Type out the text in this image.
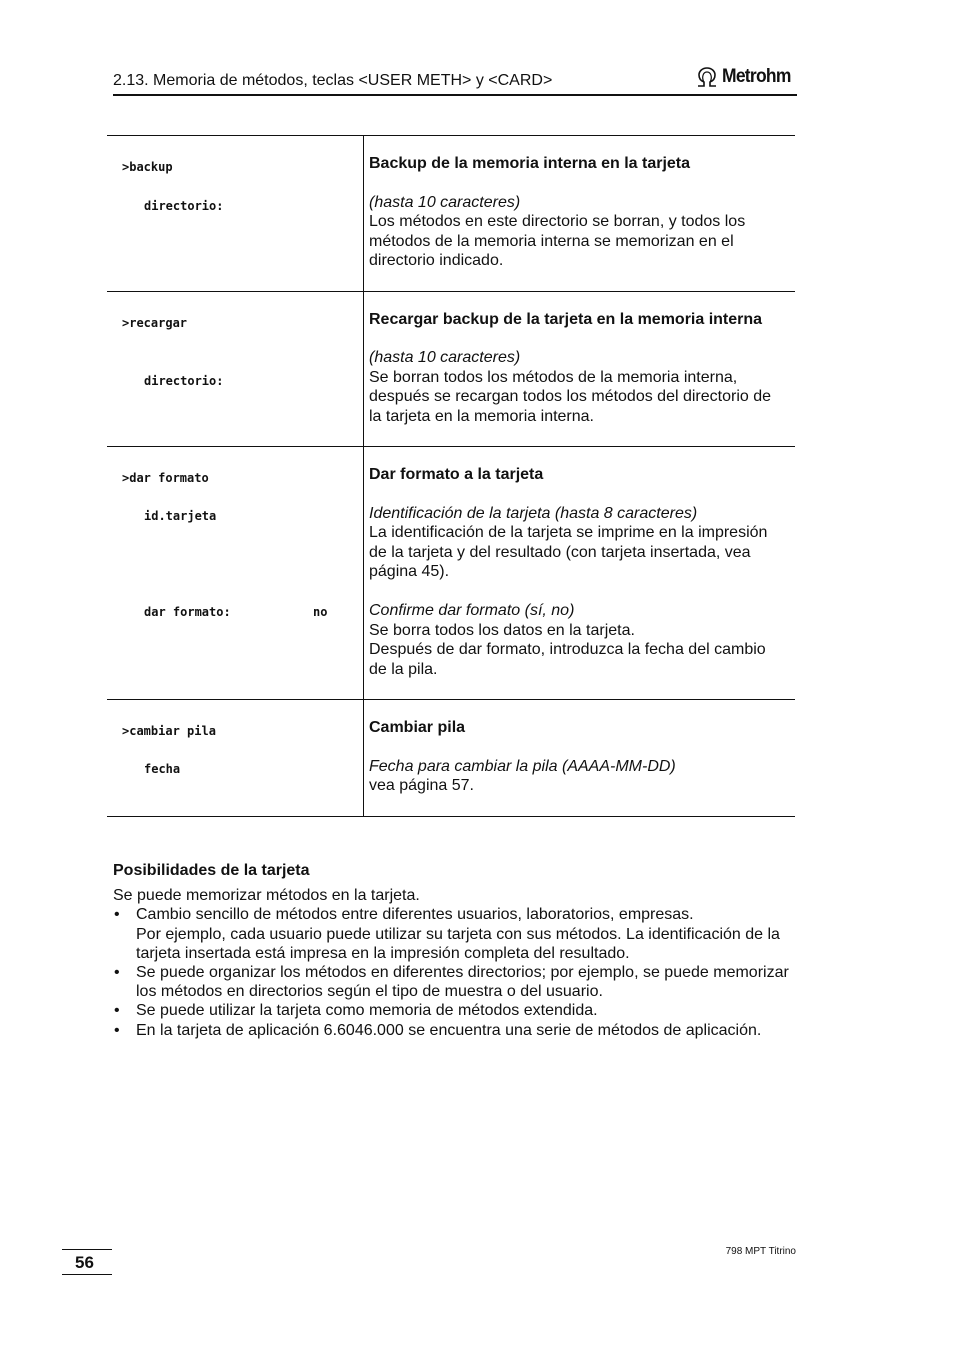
2.13. Memoria de métodos, teclas <USER METH> y <CARD>	Metrohm
>backup
directorio:
Backup de la memoria interna en la tarjeta
(hasta 10 caracteres)
Los métodos en este directorio se borran, y todos los métodos de la memoria interna se memorizan en el directorio indicado.
>recargar
directorio:
Recargar backup de la tarjeta en la memoria interna
(hasta 10 caracteres)
Se borran todos los métodos de la memoria interna, después se recargan todos los métodos del directorio de la tarjeta en la memoria interna.
>dar formato
id.tarjeta
dar formato:	no
Dar formato a la tarjeta
Identificación de la tarjeta (hasta 8 caracteres)
La identificación de la tarjeta se imprime en la impresión de la tarjeta y del resultado (con tarjeta insertada, vea página 45).
Confirme dar formato (sí, no)
Se borra todos los datos en la tarjeta.
Después de dar formato, introduzca la fecha del cambio de la pila.
>cambiar pila
fecha
Cambiar pila
Fecha para cambiar la pila (AAAA-MM-DD)
vea página 57.
Posibilidades de la tarjeta
Se puede memorizar métodos en la tarjeta.
• Cambio sencillo de métodos entre diferentes usuarios, laboratorios, empresas.
Por ejemplo, cada usuario puede utilizar su tarjeta con sus métodos. La identificación de la tarjeta insertada está impresa en la impresión completa del resultado.
• Se puede organizar los métodos en diferentes directorios; por ejemplo, se puede memorizar los métodos en directorios según el tipo de muestra o del usuario.
• Se puede utilizar la tarjeta como memoria de métodos extendida.
• En la tarjeta de aplicación 6.6046.000 se encuentra una serie de métodos de aplicación.
56
798 MPT Titrino
